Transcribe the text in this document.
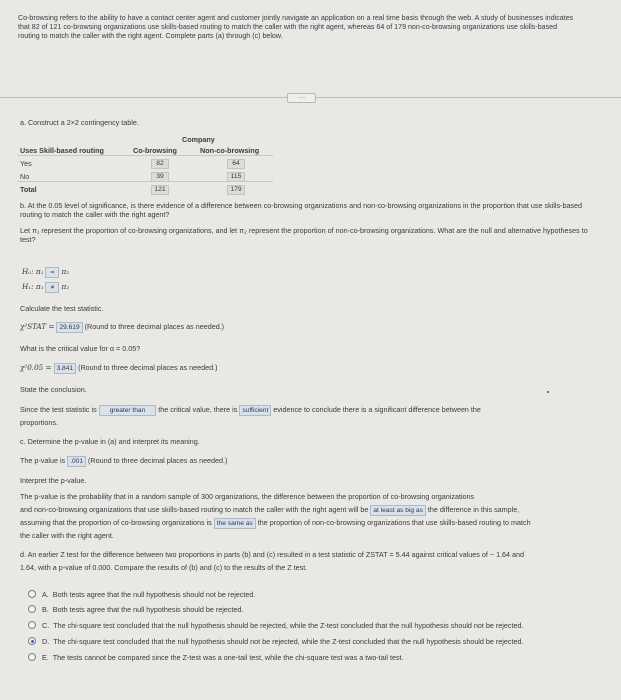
Co-browsing refers to the ability to have a contact center agent and customer jointly navigate an application on a real time basis through the web. A study of businesses indicates that 82 of 121 co-browsing organizations use skills-based routing to match the caller with the right agent, whereas 64 of 179 non-co-browsing organizations use skills-based routing to match the caller with the right agent. Complete parts (a) through (c) below.
·····
a. Construct a 2×2 contingency table.
Company
Uses Skill-based routing	Co-browsing	Non-co-browsing
Yes	82	64
No	39	115
Total	121	179
b. At the 0.05 level of significance, is there evidence of a difference between co-browsing organizations and non-co-browsing organizations in the proportion that use skills-based routing to match the caller with the right agent?
Let π₁ represent the proportion of co-browsing organizations, and let π₂ represent the proportion of non-co-browsing organizations. What are the null and alternative hypotheses to test?
H₀: π₁ = π₂
H₁: π₁ ≠ π₂
Calculate the test statistic.
χ²STAT = 29.619 (Round to three decimal places as needed.)
What is the critical value for α = 0.05?
χ²0.05 = 3.841 (Round to three decimal places as needed.)
State the conclusion.
Since the test statistic is greater than the critical value, there is sufficient evidence to conclude there is a significant difference between the
proportions.
c. Determine the p-value in (a) and interpret its meaning.
The p-value is .001 (Round to three decimal places as needed.)
Interpret the p-value.
The p-value is the probability that in a random sample of 300 organizations, the difference between the proportion of co-browsing organizations
and non-co-browsing organizations that use skills-based routing to match the caller with the right agent will be at least as big as the difference in this sample,
assuming that the proportion of co-browsing organizations is the same as the proportion of non-co-browsing organizations that use skills-based routing to match
the caller with the right agent.
d. An earlier Z test for the difference between two proportions in parts (b) and (c) resulted in a test statistic of ZSTAT = 5.44 against critical values of − 1.64 and
1.64, with a p-value of 0.000. Compare the results of (b) and (c) to the results of the Z test.
A. Both tests agree that the null hypothesis should not be rejected.
B. Both tests agree that the null hypothesis should be rejected.
C. The chi-square test concluded that the null hypothesis should be rejected, while the Z-test concluded that the null hypothesis should not be rejected.
D. The chi-square test concluded that the null hypothesis should not be rejected, while the Z-test concluded that the null hypothesis should be rejected.
E. The tests cannot be compared since the Z-test was a one-tail test, while the chi-square test was a two-tail test.
